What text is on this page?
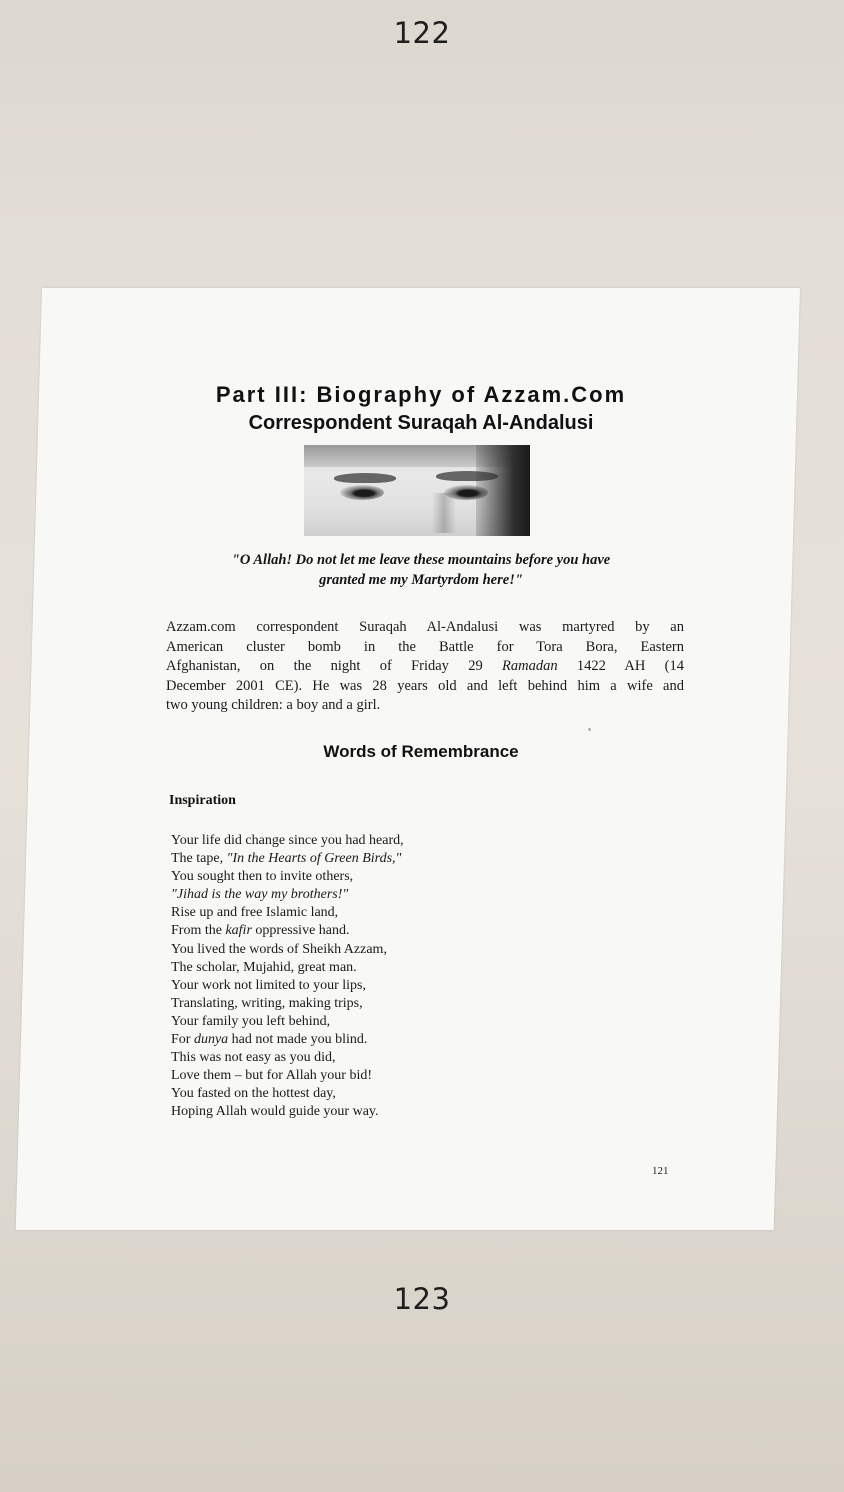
122
Part III: Biography of Azzam.Com
Correspondent Suraqah Al-Andalusi

"O Allah! Do not let me leave these mountains before you have
granted me my Martyrdom here!"

Azzam.com correspondent Suraqah Al-Andalusi was martyred by an
American cluster bomb in the Battle for Tora Bora, Eastern
Afghanistan, on the night of Friday 29 Ramadan 1422 AH (14
December 2001 CE). He was 28 years old and left behind him a wife and
two young children: a boy and a girl.

Words of Remembrance
Inspiration
Your life did change since you had heard,
The tape, "In the Hearts of Green Birds,"
You sought then to invite others,
"Jihad is the way my brothers!"
Rise up and free Islamic land,
From the kafir oppressive hand.
You lived the words of Sheikh Azzam,
The scholar, Mujahid, great man.
Your work not limited to your lips,
Translating, writing, making trips,
Your family you left behind,
For dunya had not made you blind.
This was not easy as you did,
Love them – but for Allah your bid!
You fasted on the hottest day,
Hoping Allah would guide your way.
121
123
